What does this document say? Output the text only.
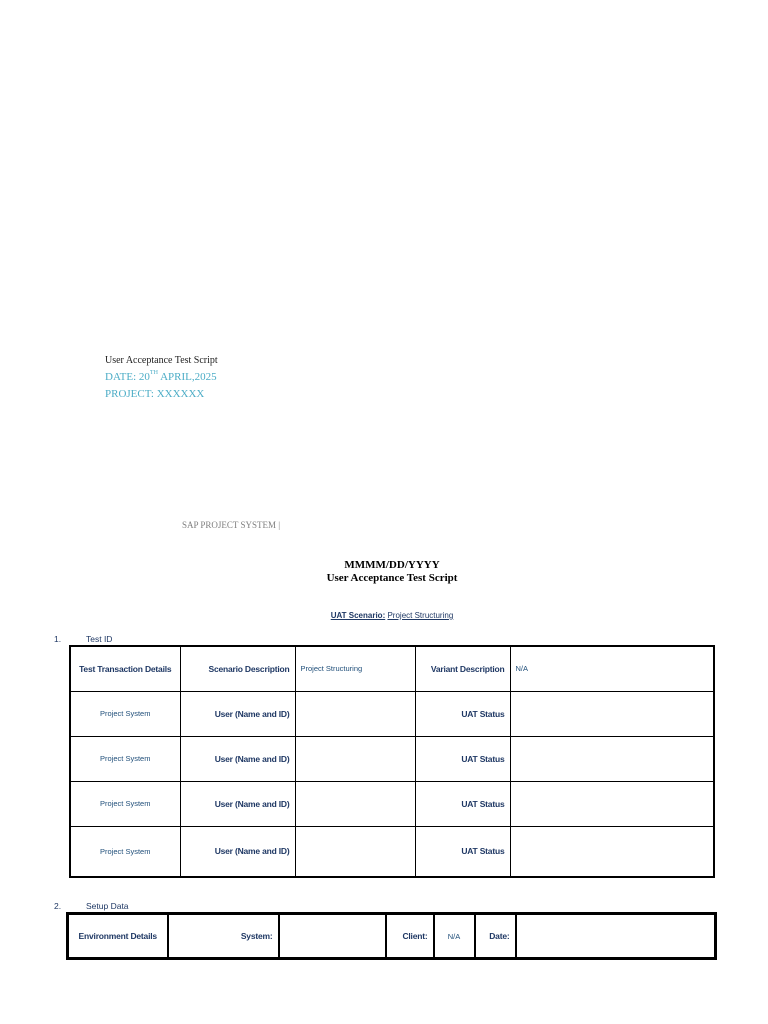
User Acceptance Test Script
DATE: 20TH APRIL,2025
PROJECT: XXXXXX
SAP PROJECT SYSTEM |
MMMM/DD/YYYY
User Acceptance Test Script
UAT Scenario: Project Structuring
1.	Test ID
Test Transaction Details	Scenario Description	Project Structuring	Variant Description	N/A
Project System	User (Name and ID)		UAT Status	
Project System	User (Name and ID)		UAT Status	
Project System	User (Name and ID)		UAT Status	
Project System	User (Name and ID)		UAT Status	
2.	Setup Data
Environment Details	System:		Client:	N/A	Date:	
